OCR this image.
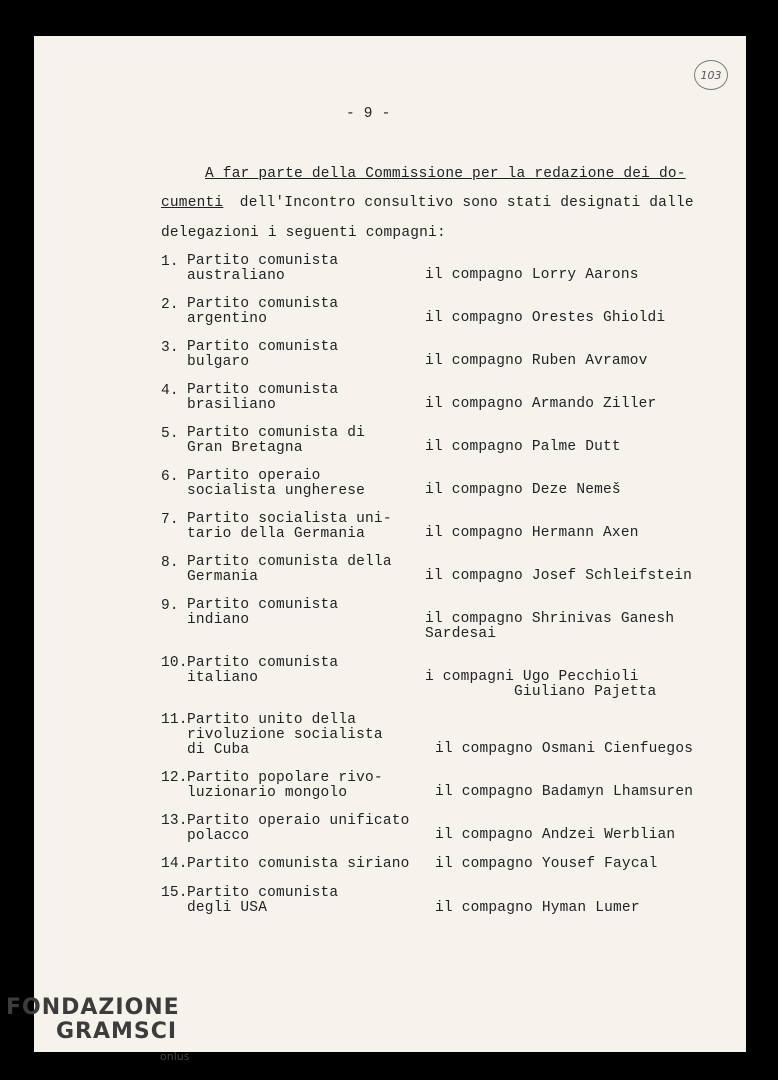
103
- 9 -
A far parte della Commissione per la redazione dei do-
cumenti
dell'Incontro consultivo sono stati designati dalle
delegazioni i seguenti compagni:
1. Partito comunista
australiano	il compagno Lorry Aarons
2. Partito comunista
argentino	il compagno Orestes Ghioldi
3. Partito comunista
bulgaro	il compagno Ruben Avramov
4. Partito comunista
brasiliano	il compagno Armando Ziller
5. Partito comunista di
Gran Bretagna	il compagno Palme Dutt
6. Partito operaio
socialista ungherese	il compagno Deze Nemeš
7. Partito socialista uni-
tario della Germania	il compagno Hermann Axen
8. Partito comunista della
Germania	il compagno Josef Schleifstein
9. Partito comunista
indiano	il compagno Shrinivas Ganesh
Sardesai
10. Partito comunista
italiano	i compagni Ugo Pecchioli
Giuliano Pajetta
11. Partito unito della
rivoluzione socialista
di Cuba	il compagno Osmani Cienfuegos
12. Partito popolare rivo-
luzionario mongolo	il compagno Badamyn Lhamsuren
13. Partito operaio unificato
polacco	il compagno Andzei Werblian
14. Partito comunista siriano il compagno Yousef Faycal
15. Partito comunista
degli USA	il compagno Hyman Lumer
FONDAZIONE
GRAMSCI
onlus
